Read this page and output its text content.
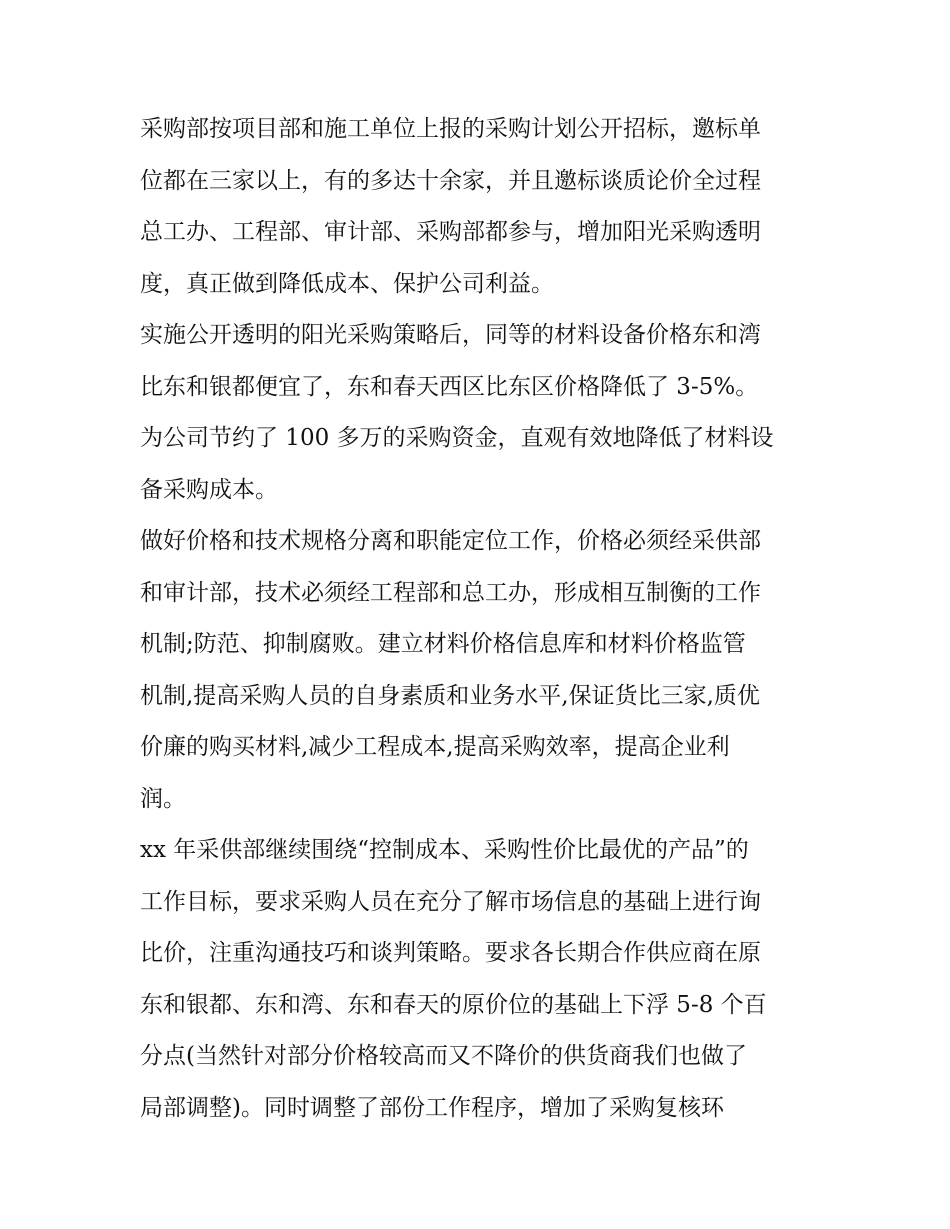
采购部按项目部和施工单位上报的采购计划公开招标，邀标单
位都在三家以上，有的多达十余家，并且邀标谈质论价全过程
总工办、工程部、审计部、采购部都参与，增加阳光采购透明
度，真正做到降低成本、保护公司利益。
实施公开透明的阳光采购策略后，同等的材料设备价格东和湾
比东和银都便宜了，东和春天西区比东区价格降低了 3-5%。
为公司节约了 100 多万的采购资金，直观有效地降低了材料设
备采购成本。
做好价格和技术规格分离和职能定位工作，价格必须经采供部
和审计部，技术必须经工程部和总工办，形成相互制衡的工作
机制;防范、抑制腐败。建立材料价格信息库和材料价格监管
机制,提高采购人员的自身素质和业务水平,保证货比三家,质优
价廉的购买材料,减少工程成本,提高采购效率，提高企业利
润。
xx 年采供部继续围绕“控制成本、采购性价比最优的产品”的
工作目标，要求采购人员在充分了解市场信息的基础上进行询
比价，注重沟通技巧和谈判策略。要求各长期合作供应商在原
东和银都、东和湾、东和春天的原价位的基础上下浮 5-8 个百
分点(当然针对部分价格较高而又不降价的供货商我们也做了
局部调整)。同时调整了部份工作程序，增加了采购复核环
